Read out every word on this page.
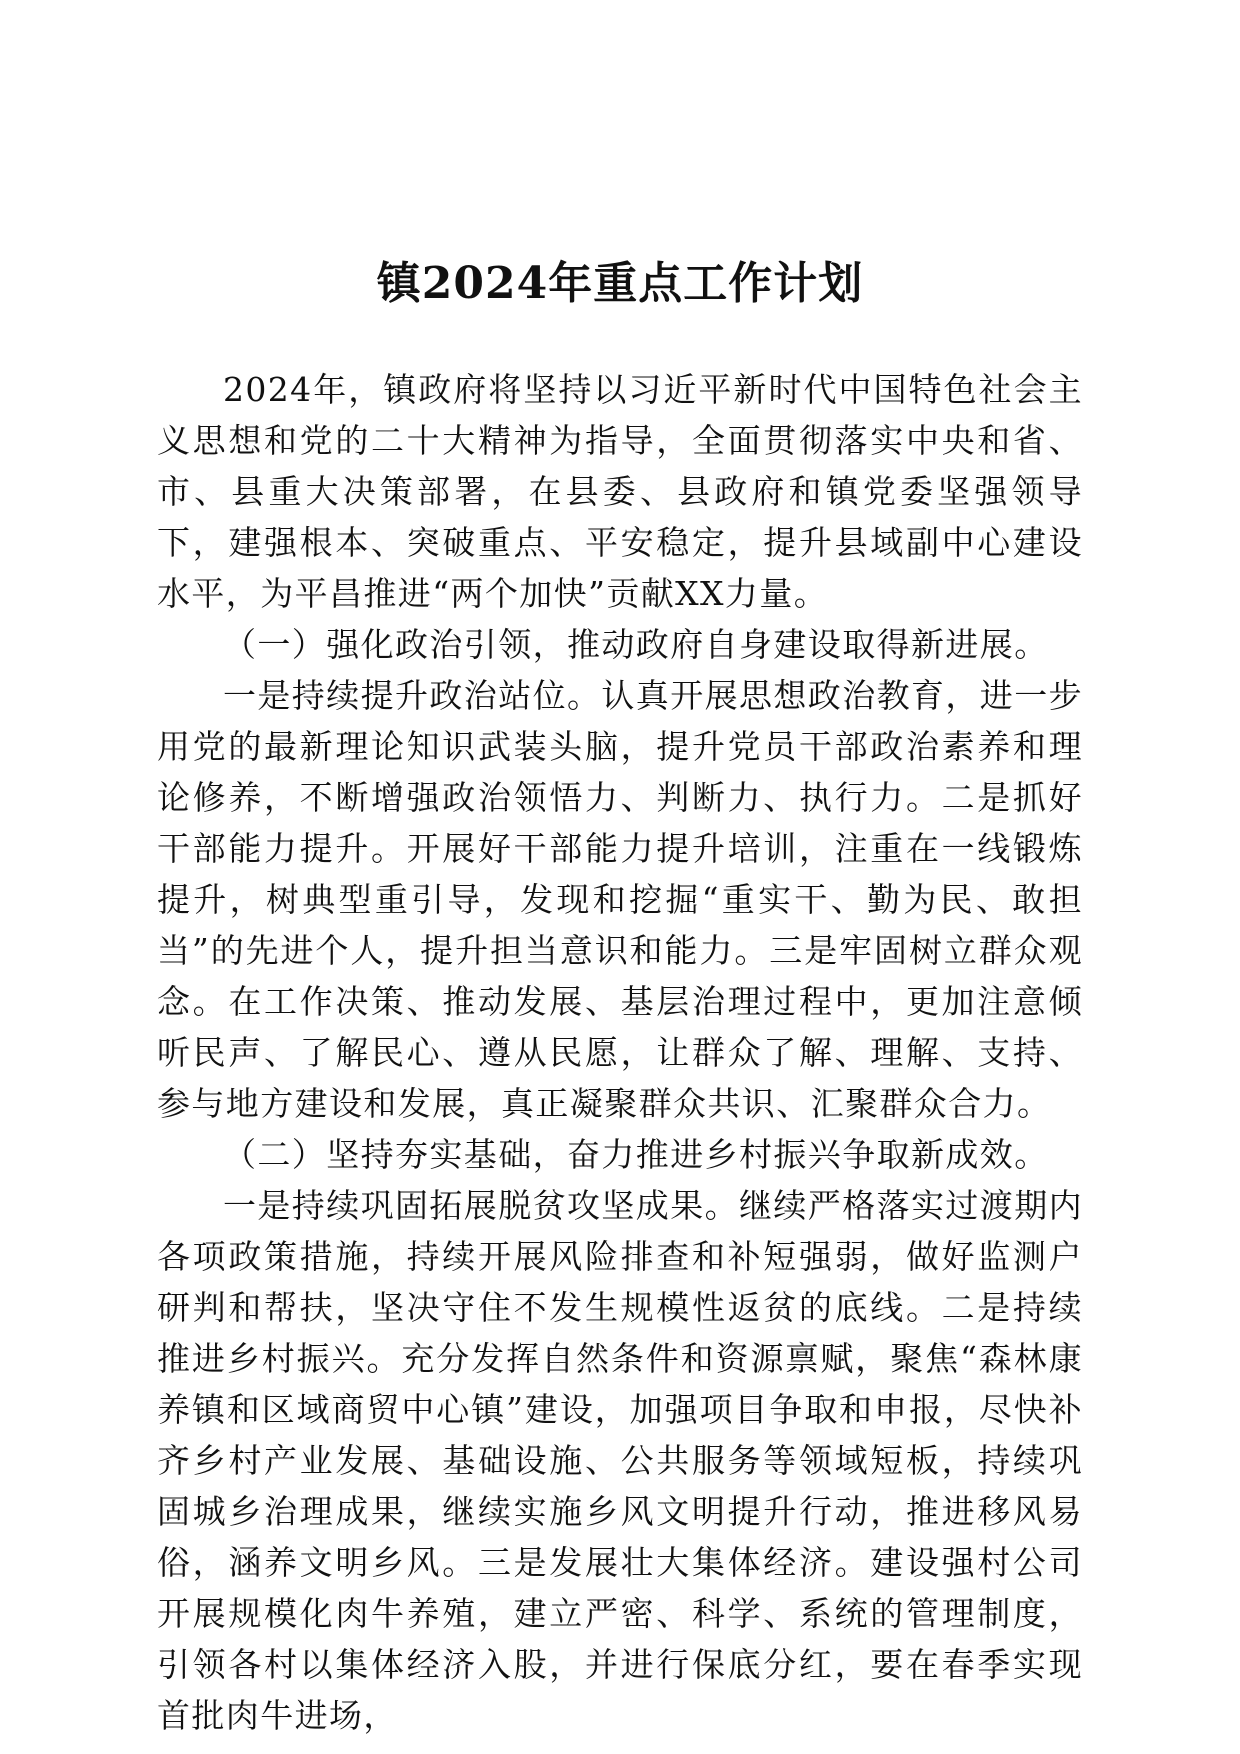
镇2024年重点工作计划

2024年，镇政府将坚持以习近平新时代中国特色社会主义思想和党的二十大精神为指导，全面贯彻落实中央和省、市、县重大决策部署，在县委、县政府和镇党委坚强领导下，建强根本、突破重点、平安稳定，提升县域副中心建设水平，为平昌推进“两个加快”贡献XX力量。

（一）强化政治引领，推动政府自身建设取得新进展。

一是持续提升政治站位。认真开展思想政治教育，进一步用党的最新理论知识武装头脑，提升党员干部政治素养和理论修养，不断增强政治领悟力、判断力、执行力。二是抓好干部能力提升。开展好干部能力提升培训，注重在一线锻炼提升，树典型重引导，发现和挖掘“重实干、勤为民、敢担当”的先进个人，提升担当意识和能力。三是牢固树立群众观念。在工作决策、推动发展、基层治理过程中，更加注意倾听民声、了解民心、遵从民愿，让群众了解、理解、支持、参与地方建设和发展，真正凝聚群众共识、汇聚群众合力。

（二）坚持夯实基础，奋力推进乡村振兴争取新成效。

一是持续巩固拓展脱贫攻坚成果。继续严格落实过渡期内各项政策措施，持续开展风险排查和补短强弱，做好监测户研判和帮扶，坚决守住不发生规模性返贫的底线。二是持续推进乡村振兴。充分发挥自然条件和资源禀赋，聚焦“森林康养镇和区域商贸中心镇”建设，加强项目争取和申报，尽快补齐乡村产业发展、基础设施、公共服务等领域短板，持续巩固城乡治理成果，继续实施乡风文明提升行动，推进移风易俗，涵养文明乡风。三是发展壮大集体经济。建设强村公司开展规模化肉牛养殖，建立严密、科学、系统的管理制度，引领各村以集体经济入股，并进行保底分红，要在春季实现首批肉牛进场，
